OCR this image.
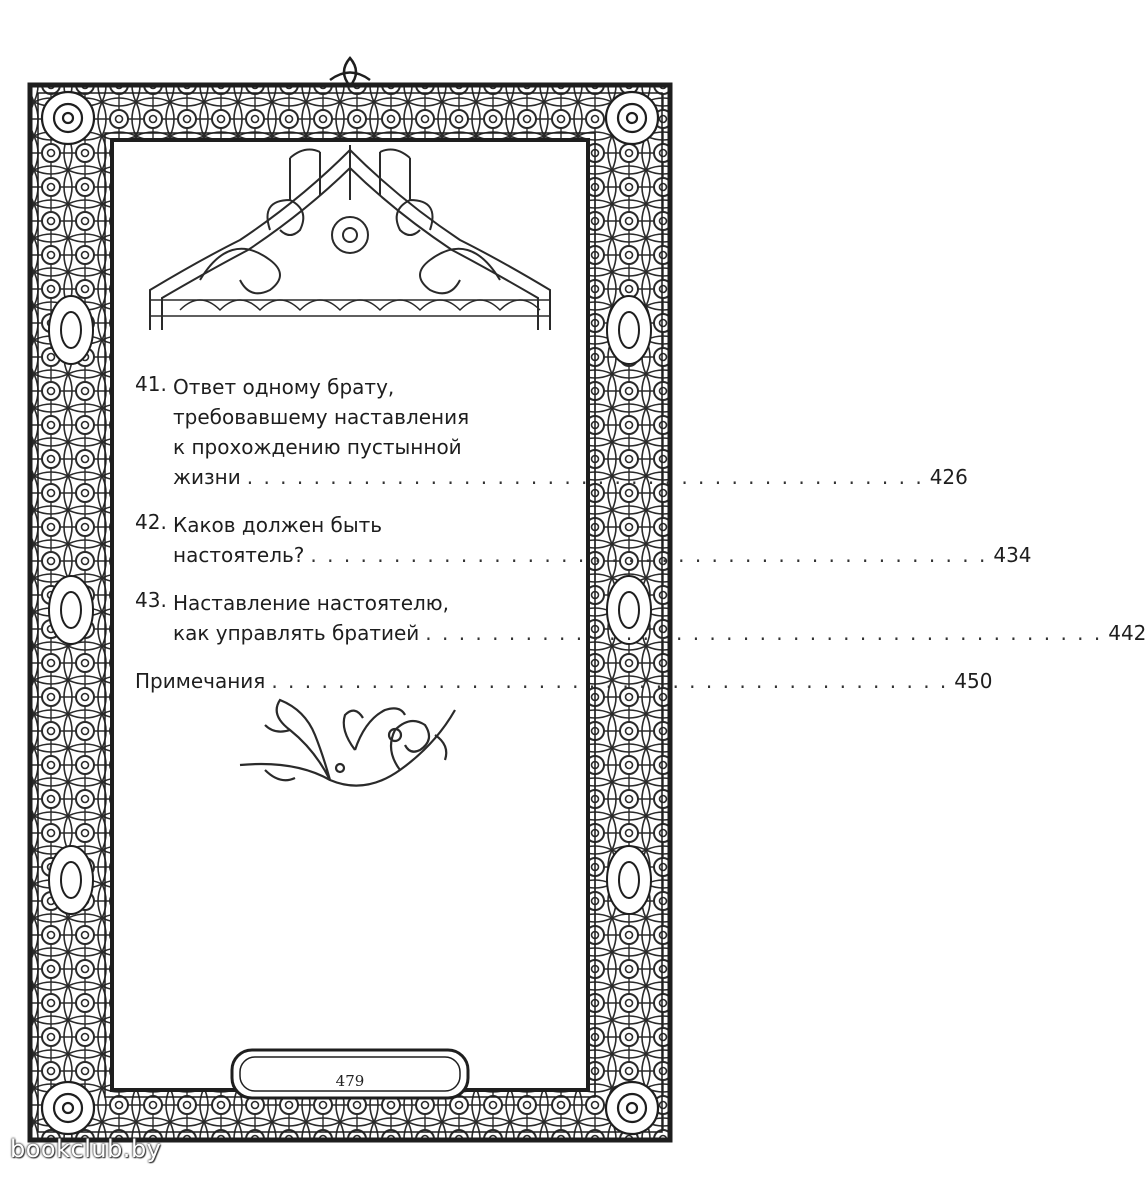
41. Ответ одному брату,
требовавшему наставления
к прохождению пустынной
жизни . . . . . . . . . . . . . . . . . . . . . . . . . . . . . . . . . . . . . . . . . 426
42. Каков должен быть
настоятель? . . . . . . . . . . . . . . . . . . . . . . . . . . . . . . . . . . . . . . . . . 434
43. Наставление настоятелю,
как управлять братией . . . . . . . . . . . . . . . . . . . . . . . . . . . . . . . . . . . . . . . . . 442
Примечания . . . . . . . . . . . . . . . . . . . . . . . . . . . . . . . . . . . . . . . . . 450
479
bookclub.by
